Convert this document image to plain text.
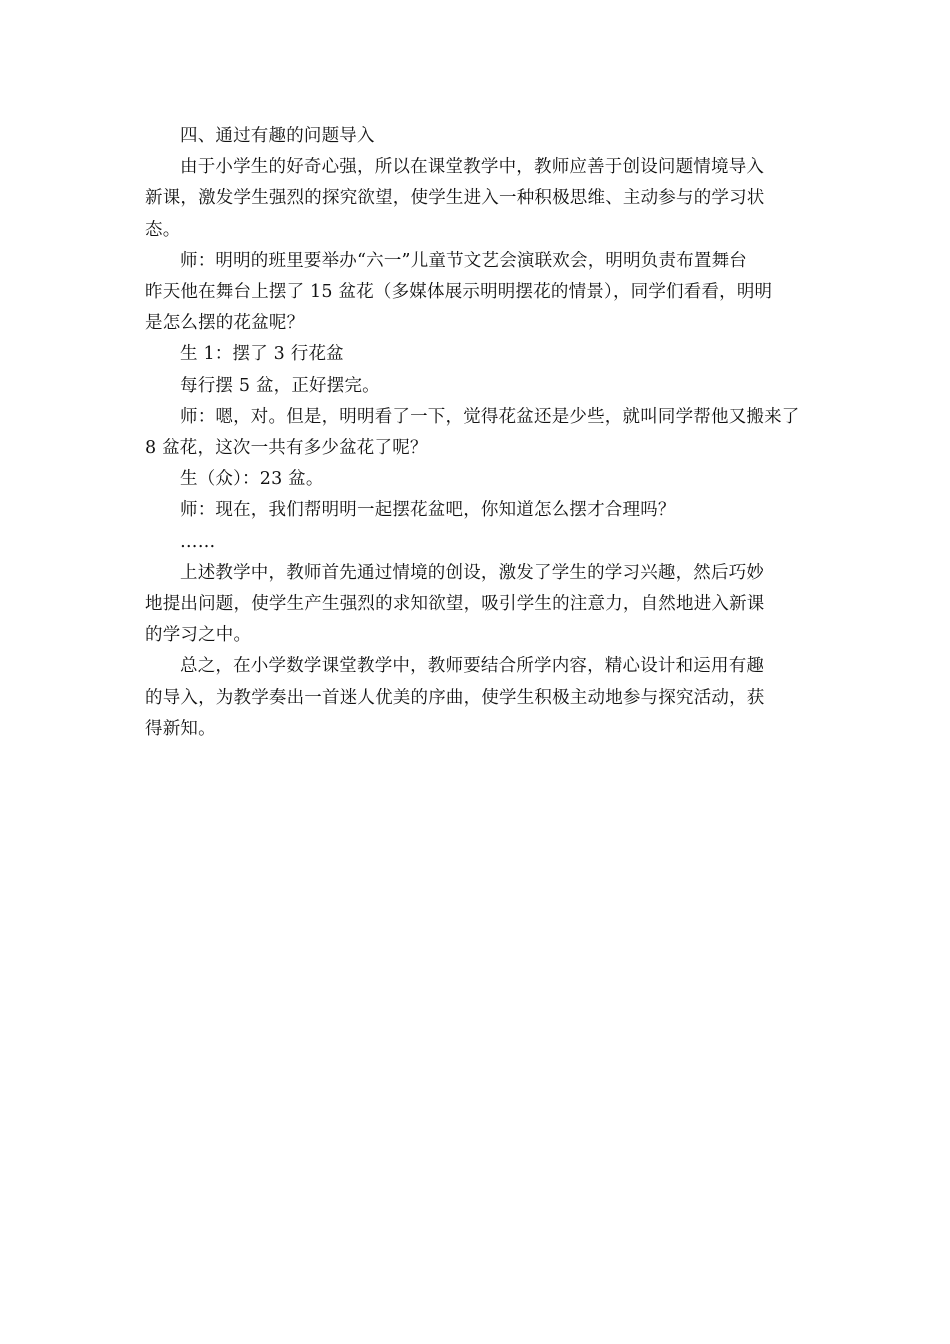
四、通过有趣的问题导入

由于小学生的好奇心强，所以在课堂教学中，教师应善于创设问题情境导入
新课，激发学生强烈的探究欲望，使学生进入一种积极思维、主动参与的学习状
态。
师：明明的班里要举办“六一”儿童节文艺会演联欢会，明明负责布置舞台
昨天他在舞台上摆了 15 盆花（多媒体展示明明摆花的情景），同学们看看，明明
是怎么摆的花盆呢？
生 1：摆了 3 行花盆
每行摆 5 盆，正好摆完。
师：嗯，对。但是，明明看了一下，觉得花盆还是少些，就叫同学帮他又搬来了
8 盆花，这次一共有多少盆花了呢？
生（众）：23 盆。
师：现在，我们帮明明一起摆花盆吧，你知道怎么摆才合理吗？
……
上述教学中，教师首先通过情境的创设，激发了学生的学习兴趣，然后巧妙
地提出问题，使学生产生强烈的求知欲望，吸引学生的注意力，自然地进入新课
的学习之中。
总之，在小学数学课堂教学中，教师要结合所学内容，精心设计和运用有趣
的导入，为教学奏出一首迷人优美的序曲，使学生积极主动地参与探究活动，获
得新知。
